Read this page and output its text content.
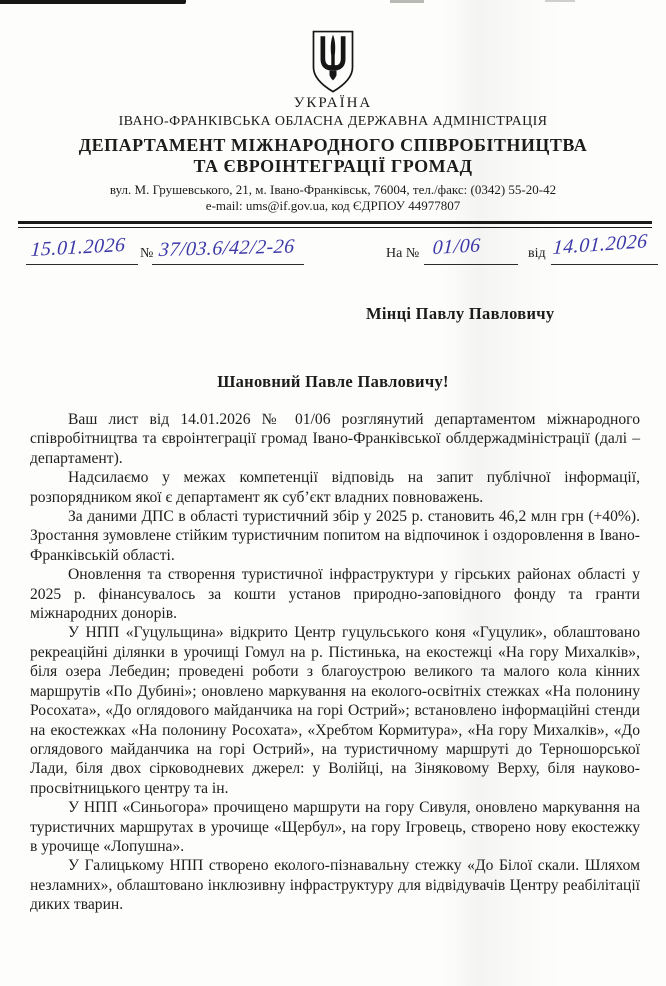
УКРАЇНА
ІВАНО-ФРАНКІВСЬКА ОБЛАСНА ДЕРЖАВНА АДМІНІСТРАЦІЯ
ДЕПАРТАМЕНТ МІЖНАРОДНОГО СПІВРОБІТНИЦТВА
ТА ЄВРОІНТЕГРАЦІЇ ГРОМАД
вул. М. Грушевського, 21, м. Івано-Франківськ, 76004, тел./факс: (0342) 55-20-42
e-mail: ums@if.gov.ua, код ЄДРПОУ 44977807
15.01.2026 № 37/03.6/42/2-26	На № 01/06	від 14.01.2026
Мінці Павлу Павловичу
Шановний Павле Павловичу!

Ваш лист від 14.01.2026 № 01/06 розглянутий департаментом міжнародного співробітництва та євроінтеграції громад Івано-Франківської облдержадміністрації (далі – департамент).

Надсилаємо у межах компетенції відповідь на запит публічної інформації, розпорядником якої є департамент як суб’єкт владних повноважень.

За даними ДПС в області туристичний збір у 2025 р. становить 46,2 млн грн (+40%). Зростання зумовлене стійким туристичним попитом на відпочинок і оздоровлення в Івано-Франківській області.

Оновлення та створення туристичної інфраструктури у гірських районах області у 2025 р. фінансувалось за кошти установ природно-заповідного фонду та гранти міжнародних донорів.

У НПП «Гуцульщина» відкрито Центр гуцульського коня «Гуцулик», облаштовано рекреаційні ділянки в урочищі Гомул на р. Пістинька, на екостежці «На гору Михалків», біля озера Лебедин; проведені роботи з благоустрою великого та малого кола кінних маршрутів «По Дубині»; оновлено маркування на еколого-освітніх стежках «На полонину Росохата», «До оглядового майданчика на горі Острий»; встановлено інформаційні стенди на екостежках «На полонину Росохата», «Хребтом Кормитура», «На гору Михалків», «До оглядового майданчика на горі Острий», на туристичному маршруті до Терношорської Лади, біля двох сірководневих джерел: у Волійці, на Зіняковому Верху, біля науково-просвітницького центру та ін.

У НПП «Синьогора» прочищено маршрути на гору Сивуля, оновлено маркування на туристичних маршрутах в урочище «Щербул», на гору Ігровець, створено нову екостежку в урочище «Лопушна».

У Галицькому НПП створено еколого-пізнавальну стежку «До Білої скали. Шляхом незламних», облаштовано інклюзивну інфраструктуру для відвідувачів Центру реабілітації диких тварин.
